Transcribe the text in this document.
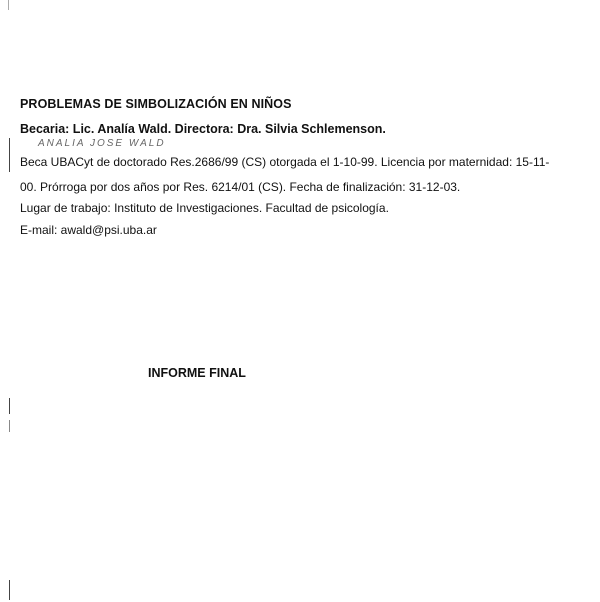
PROBLEMAS DE SIMBOLIZACIÓN EN NIÑOS
Becaria: Lic. Analía Wald. Directora: Dra. Silvia Schlemenson.
ANALIA JOSE WALD
Beca UBACyt de doctorado Res.2686/99 (CS) otorgada el 1-10-99. Licencia por maternidad: 15-11-
00. Prórroga por dos años por Res. 6214/01 (CS). Fecha de finalización: 31-12-03.
Lugar de trabajo: Instituto de Investigaciones. Facultad de psicología.
E-mail: awald@psi.uba.ar
INFORME FINAL
